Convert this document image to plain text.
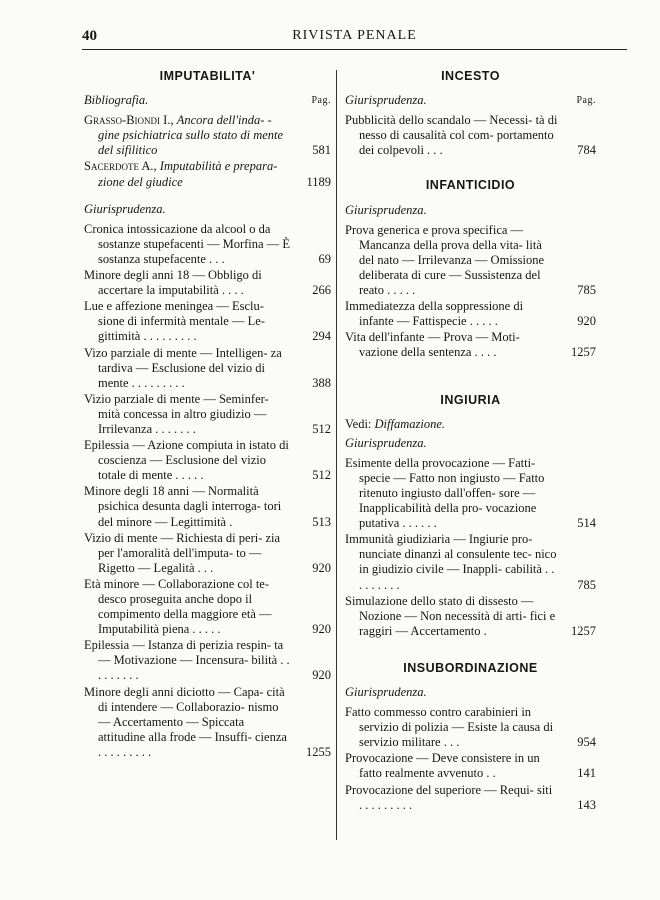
40	RIVISTA PENALE
IMPUTABILITA'
Bibliografia.	Pag.
Grasso-Biondi I., Ancora dell'inda- -gine psichiatrica sullo stato di mente del sifilitico	581
Sacerdote A., Imputabilità e prepara- zione del giudice	1189
Giurisprudenza.
Cronica intossicazione da alcool o da sostanze stupefacenti — Morfina — È sostanza stupefacente . . .	69
Minore degli anni 18 — Obbligo di accertare la imputabilità . . . .	266
Lue e affezione meningea — Esclu- sione di infermità mentale — Le- gittimità . . . . . . . . .	294
Vizo parziale di mente — Intelligen- za tardiva — Esclusione del vizio di mente . . . . . . . . .	388
Vizio parziale di mente — Seminfer- mità concessa in altro giudizio — Irrilevanza . . . . . . .	512
Epilessia — Azione compiuta in istato di coscienza — Esclusione del vizio totale di mente . . . . .	512
Minore degli 18 anni — Normalità psichica desunta dagli interroga- tori del minore — Legittimità .	513
Vizio di mente — Richiesta di peri- zia per l'amoralità dell'imputa- to — Rigetto — Legalità . . .	920
Età minore — Collaborazione col te- desco proseguita anche dopo il compimento della maggiore età — Imputabilità piena . . . . .	920
Epilessia — Istanza di perizia respin- ta — Motivazione — Incensura- bilità . . . . . . . . .	920
Minore degli anni diciotto — Capa- cità di intendere — Collaborazio- nismo — Accertamento — Spiccata attitudine alla frode — Insuffi- cienza . . . . . . . . .	1255
INCESTO
Giurisprudenza.	Pag.
Pubblicità dello scandalo — Necessi- tà di nesso di causalità col com- portamento dei colpevoli . . .	784
INFANTICIDIO
Giurisprudenza.
Prova generica e prova specifica — Mancanza della prova della vita- lità del nato — Irrilevanza — Omissione deliberata di cure — Sussistenza del reato . . . . .	785
Immediatezza della soppressione di infante — Fattispecie . . . . .	920
Vita dell'infante — Prova — Moti- vazione della sentenza . . . .	1257
INGIURIA
Vedi: Diffamazione.
Giurisprudenza.
Esimente della provocazione — Fatti- specie — Fatto non ingiusto — Fatto ritenuto ingiusto dall'offen- sore — Inapplicabilità della pro- vocazione putativa . . . . . .	514
Immunità giudiziaria — Ingiurie pro- nunciate dinanzi al consulente tec- nico in giudizio civile — Inappli- cabilità . . . . . . . . .	785
Simulazione dello stato di dissesto — Nozione — Non necessità di arti- fici e raggiri — Accertamento .	1257
INSUBORDINAZIONE
Giurisprudenza.
Fatto commesso contro carabinieri in servizio di polizia — Esiste la causa di servizio militare . . .	954
Provocazione — Deve consistere in un fatto realmente avvenuto . .	141
Provocazione del superiore — Requi- siti . . . . . . . . .	143
